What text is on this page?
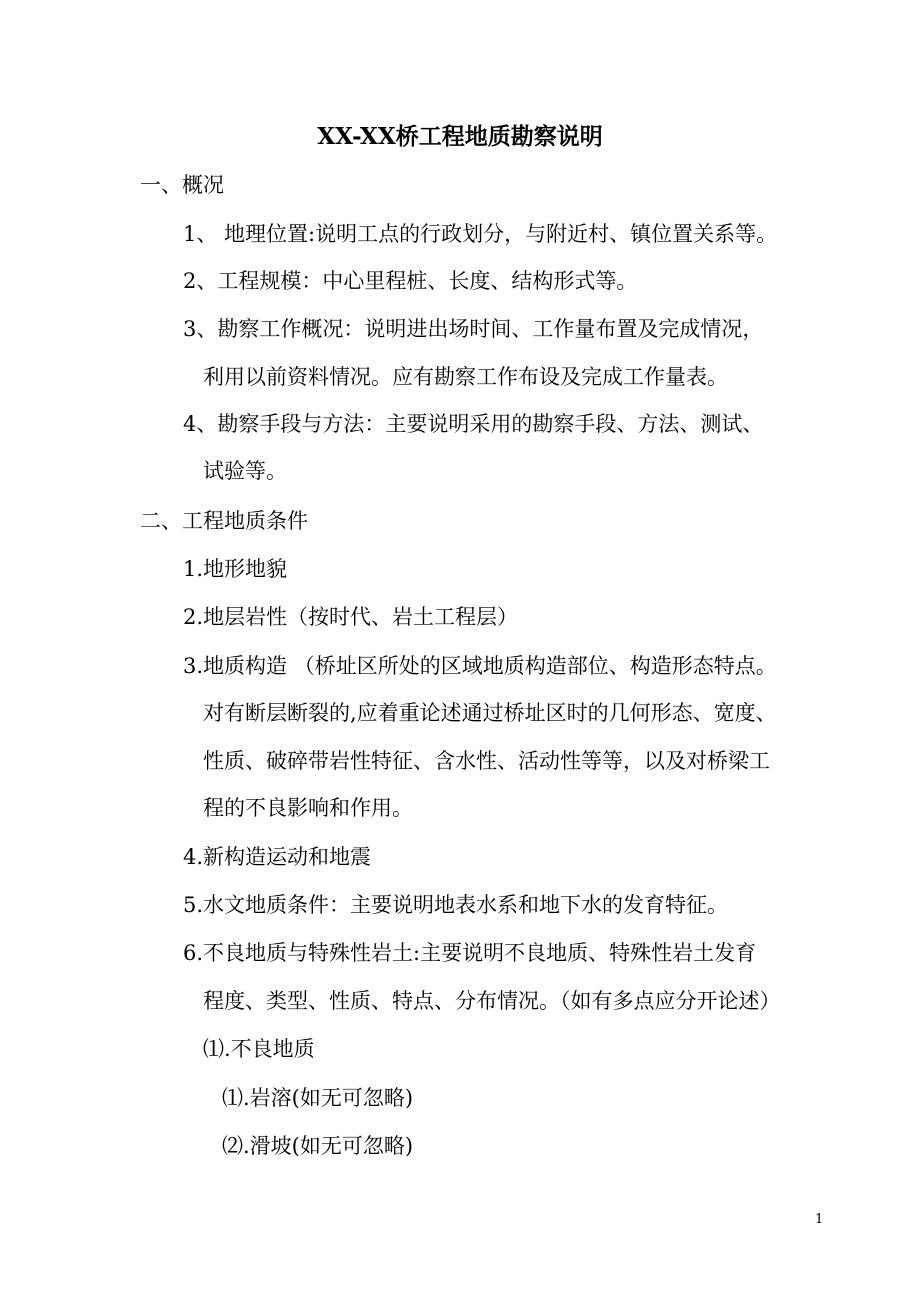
XX-XX桥工程地质勘察说明
一、概况
1、 地理位置:说明工点的行政划分，与附近村、镇位置关系等。
2、工程规模：中心里程桩、长度、结构形式等。
3、勘察工作概况：说明进出场时间、工作量布置及完成情况，
利用以前资料情况。应有勘察工作布设及完成工作量表。
4、勘察手段与方法：主要说明采用的勘察手段、方法、测试、
试验等。
二、工程地质条件
1.地形地貌
2.地层岩性（按时代、岩土工程层）
3.地质构造 （桥址区所处的区域地质构造部位、构造形态特点。
对有断层断裂的,应着重论述通过桥址区时的几何形态、宽度、
性质、破碎带岩性特征、含水性、活动性等等，以及对桥梁工
程的不良影响和作用。
4.新构造运动和地震
5.水文地质条件：主要说明地表水系和地下水的发育特征。
6.不良地质与特殊性岩土:主要说明不良地质、特殊性岩土发育
程度、类型、性质、特点、分布情况。（如有多点应分开论述）
⑴.不良地质
⑴.岩溶(如无可忽略)
⑵.滑坡(如无可忽略)
1
